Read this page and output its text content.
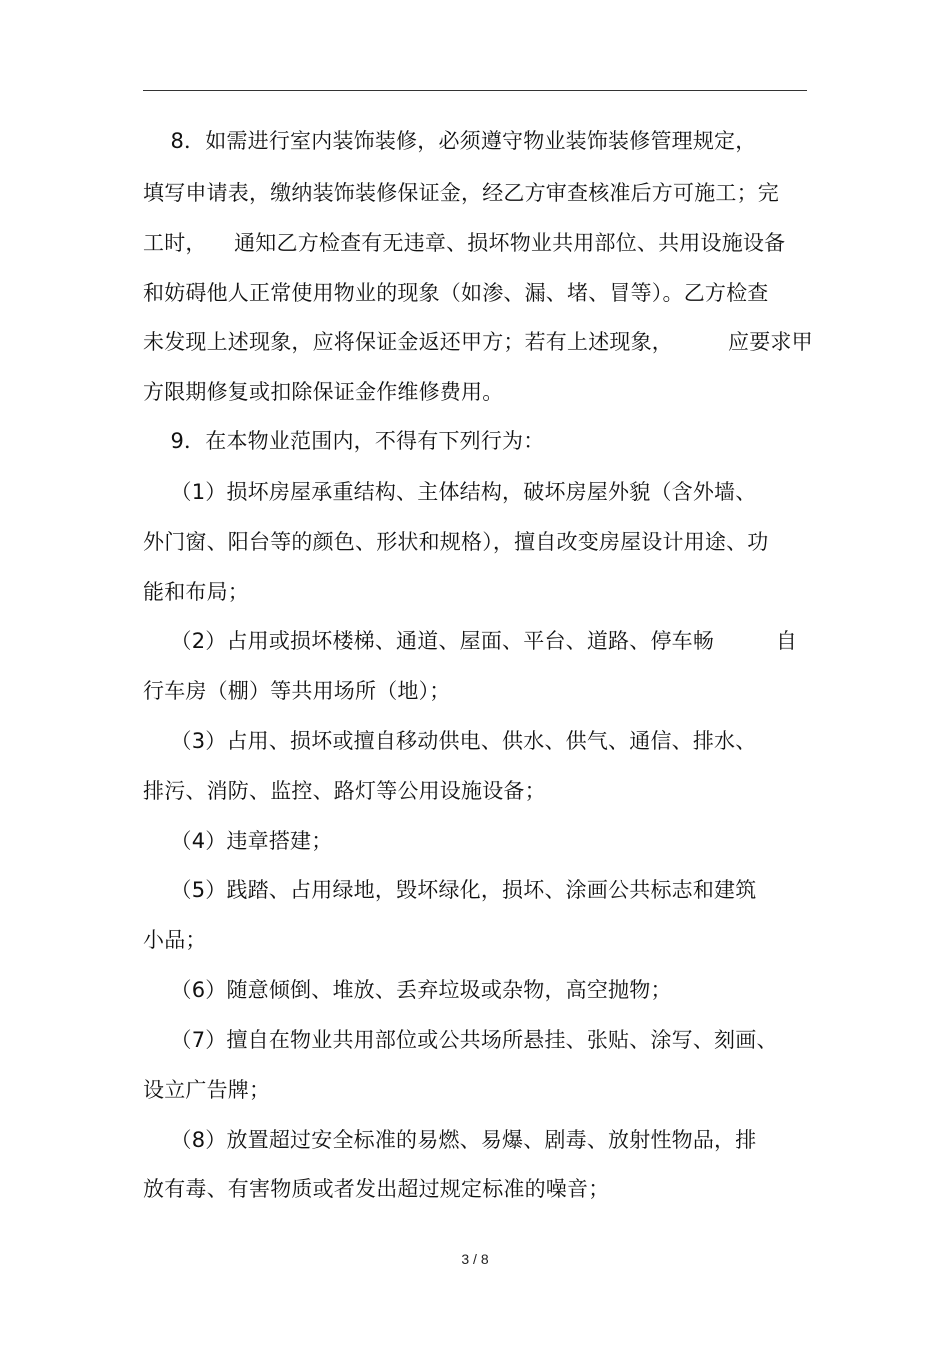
8．如需进行室内装饰装修，必须遵守物业装饰装修管理规定，
填写申请表，缴纳装饰装修保证金，经乙方审查核准后方可施工；完
工时，    通知乙方检查有无违章、损坏物业共用部位、共用设施设备
和妨碍他人正常使用物业的现象（如渗、漏、堵、冒等）。乙方检查
未发现上述现象，应将保证金返还甲方；若有上述现象，        应要求甲
方限期修复或扣除保证金作维修费用。
9．在本物业范围内，不得有下列行为：
（1）损坏房屋承重结构、主体结构，破坏房屋外貌（含外墙、
外门窗、阳台等的颜色、形状和规格），擅自改变房屋设计用途、功
能和布局；
（2）占用或损坏楼梯、通道、屋面、平台、道路、停车畅         自
行车房（棚）等共用场所（地）；
（3）占用、损坏或擅自移动供电、供水、供气、通信、排水、
排污、消防、监控、路灯等公用设施设备；
（4）违章搭建；
（5）践踏、占用绿地，毁坏绿化，损坏、涂画公共标志和建筑
小品；
（6）随意倾倒、堆放、丢弃垃圾或杂物，高空抛物；
（7）擅自在物业共用部位或公共场所悬挂、张贴、涂写、刻画、
设立广告牌；
（8）放置超过安全标准的易燃、易爆、剧毒、放射性物品，排
放有毒、有害物质或者发出超过规定标准的噪音；
3 / 8
